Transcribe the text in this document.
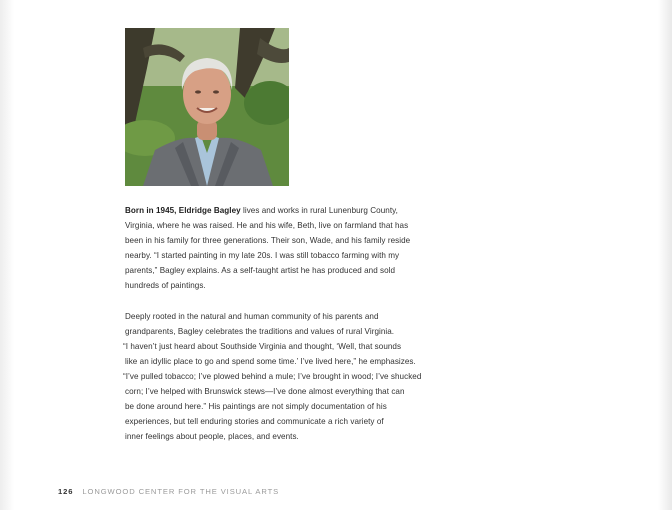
Born in 1945, Eldridge Bagley lives and works in rural Lunenburg County,
Virginia, where he was raised. He and his wife, Beth, live on farmland that has
been in his family for three generations. Their son, Wade, and his family reside
nearby. “I started painting in my late 20s. I was still tobacco farming with my
parents,” Bagley explains. As a self-taught artist he has produced and sold
hundreds of paintings.

Deeply rooted in the natural and human community of his parents and
grandparents, Bagley celebrates the traditions and values of rural Virginia.
“I haven’t just heard about Southside Virginia and thought, ‘Well, that sounds
like an idyllic place to go and spend some time.’ I’ve lived here,” he emphasizes.
“I’ve pulled tobacco; I’ve plowed behind a mule; I’ve brought in wood; I’ve shucked
corn; I’ve helped with Brunswick stews—I’ve done almost everything that can
be done around here.” His paintings are not simply documentation of his
experiences, but tell enduring stories and communicate a rich variety of
inner feelings about people, places, and events.

126 LONGWOOD CENTER FOR THE VISUAL ARTS
